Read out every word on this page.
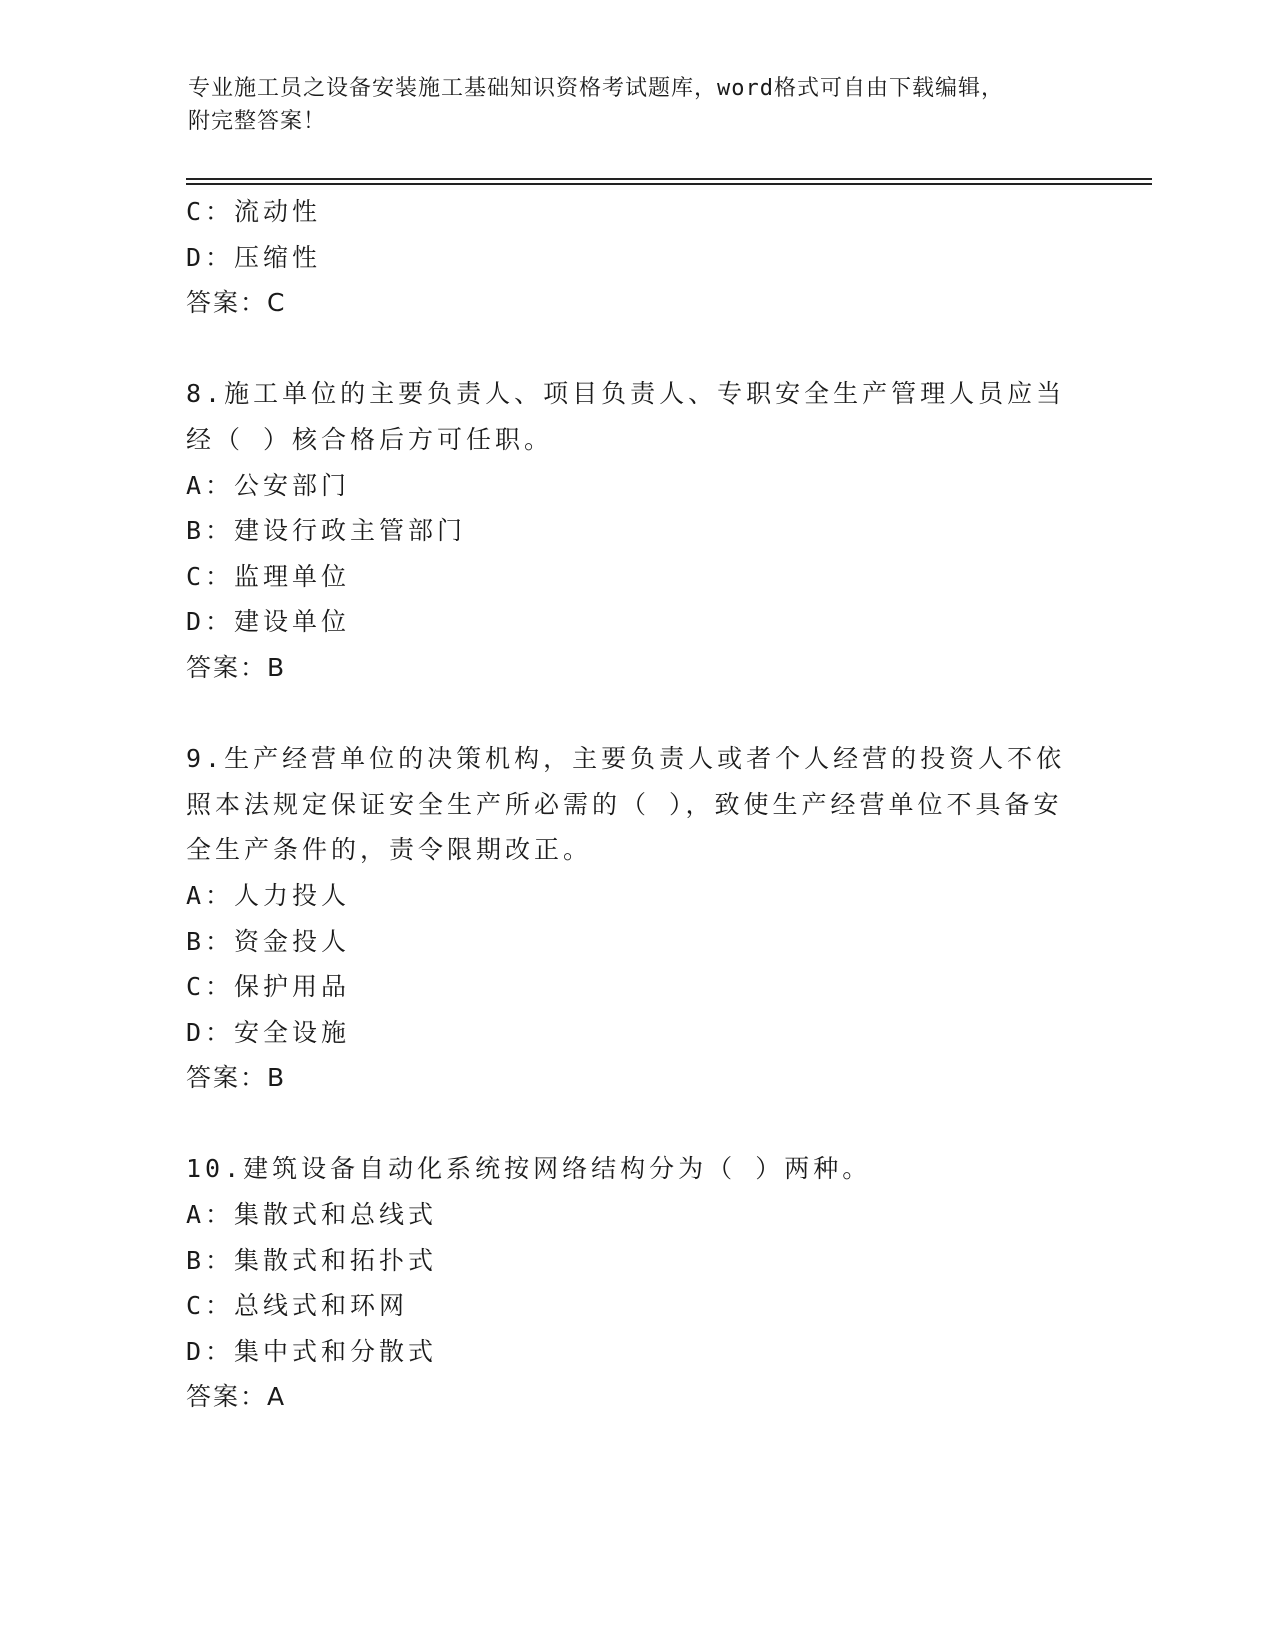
专业施工员之设备安装施工基础知识资格考试题库，word格式可自由下载编辑，
附完整答案！
C：流动性
D：压缩性
答案：C
8.施工单位的主要负责人、项目负责人、专职安全生产管理人员应当
经（ ）核合格后方可任职。
A：公安部门
B：建设行政主管部门
C：监理单位
D：建设单位
答案：B
9.生产经营单位的决策机构，主要负责人或者个人经营的投资人不依
照本法规定保证安全生产所必需的（ ），致使生产经营单位不具备安
全生产条件的，责令限期改正。
A：人力投人
B：资金投人
C：保护用品
D：安全设施
答案：B
10.建筑设备自动化系统按网络结构分为（ ）两种。
A：集散式和总线式
B：集散式和拓扑式
C：总线式和环网
D：集中式和分散式
答案：A
